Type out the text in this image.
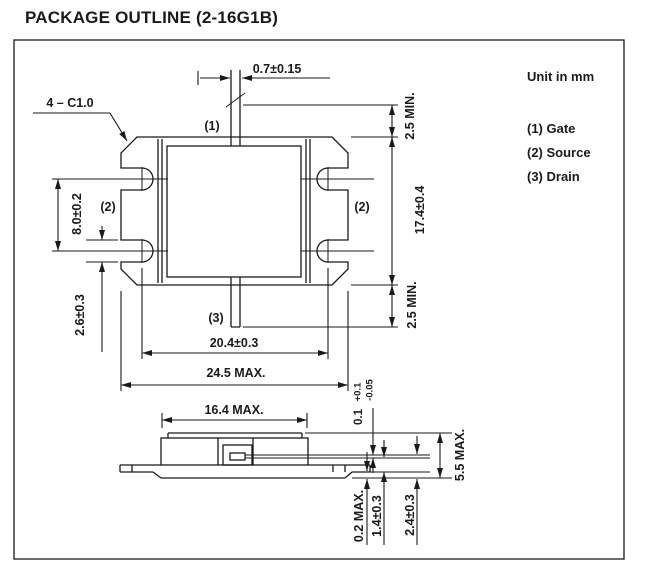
PACKAGE OUTLINE (2-16G1B)
0.7±0.15
4 – C1.0	2.5 MIN.
17.4±0.4
2.5 MIN.
8.0±0.2
2.6±0.3
20.4±0.3
24.5 MAX.
(1)
(2)	(2)
(3)
16.4 MAX.	0.1
+0.1 -0.05
5.5 MAX.
0.2 MAX. 1.4±0.3 2.4±0.3
Unit in mm
(1) Gate
(2) Source
(3) Drain
